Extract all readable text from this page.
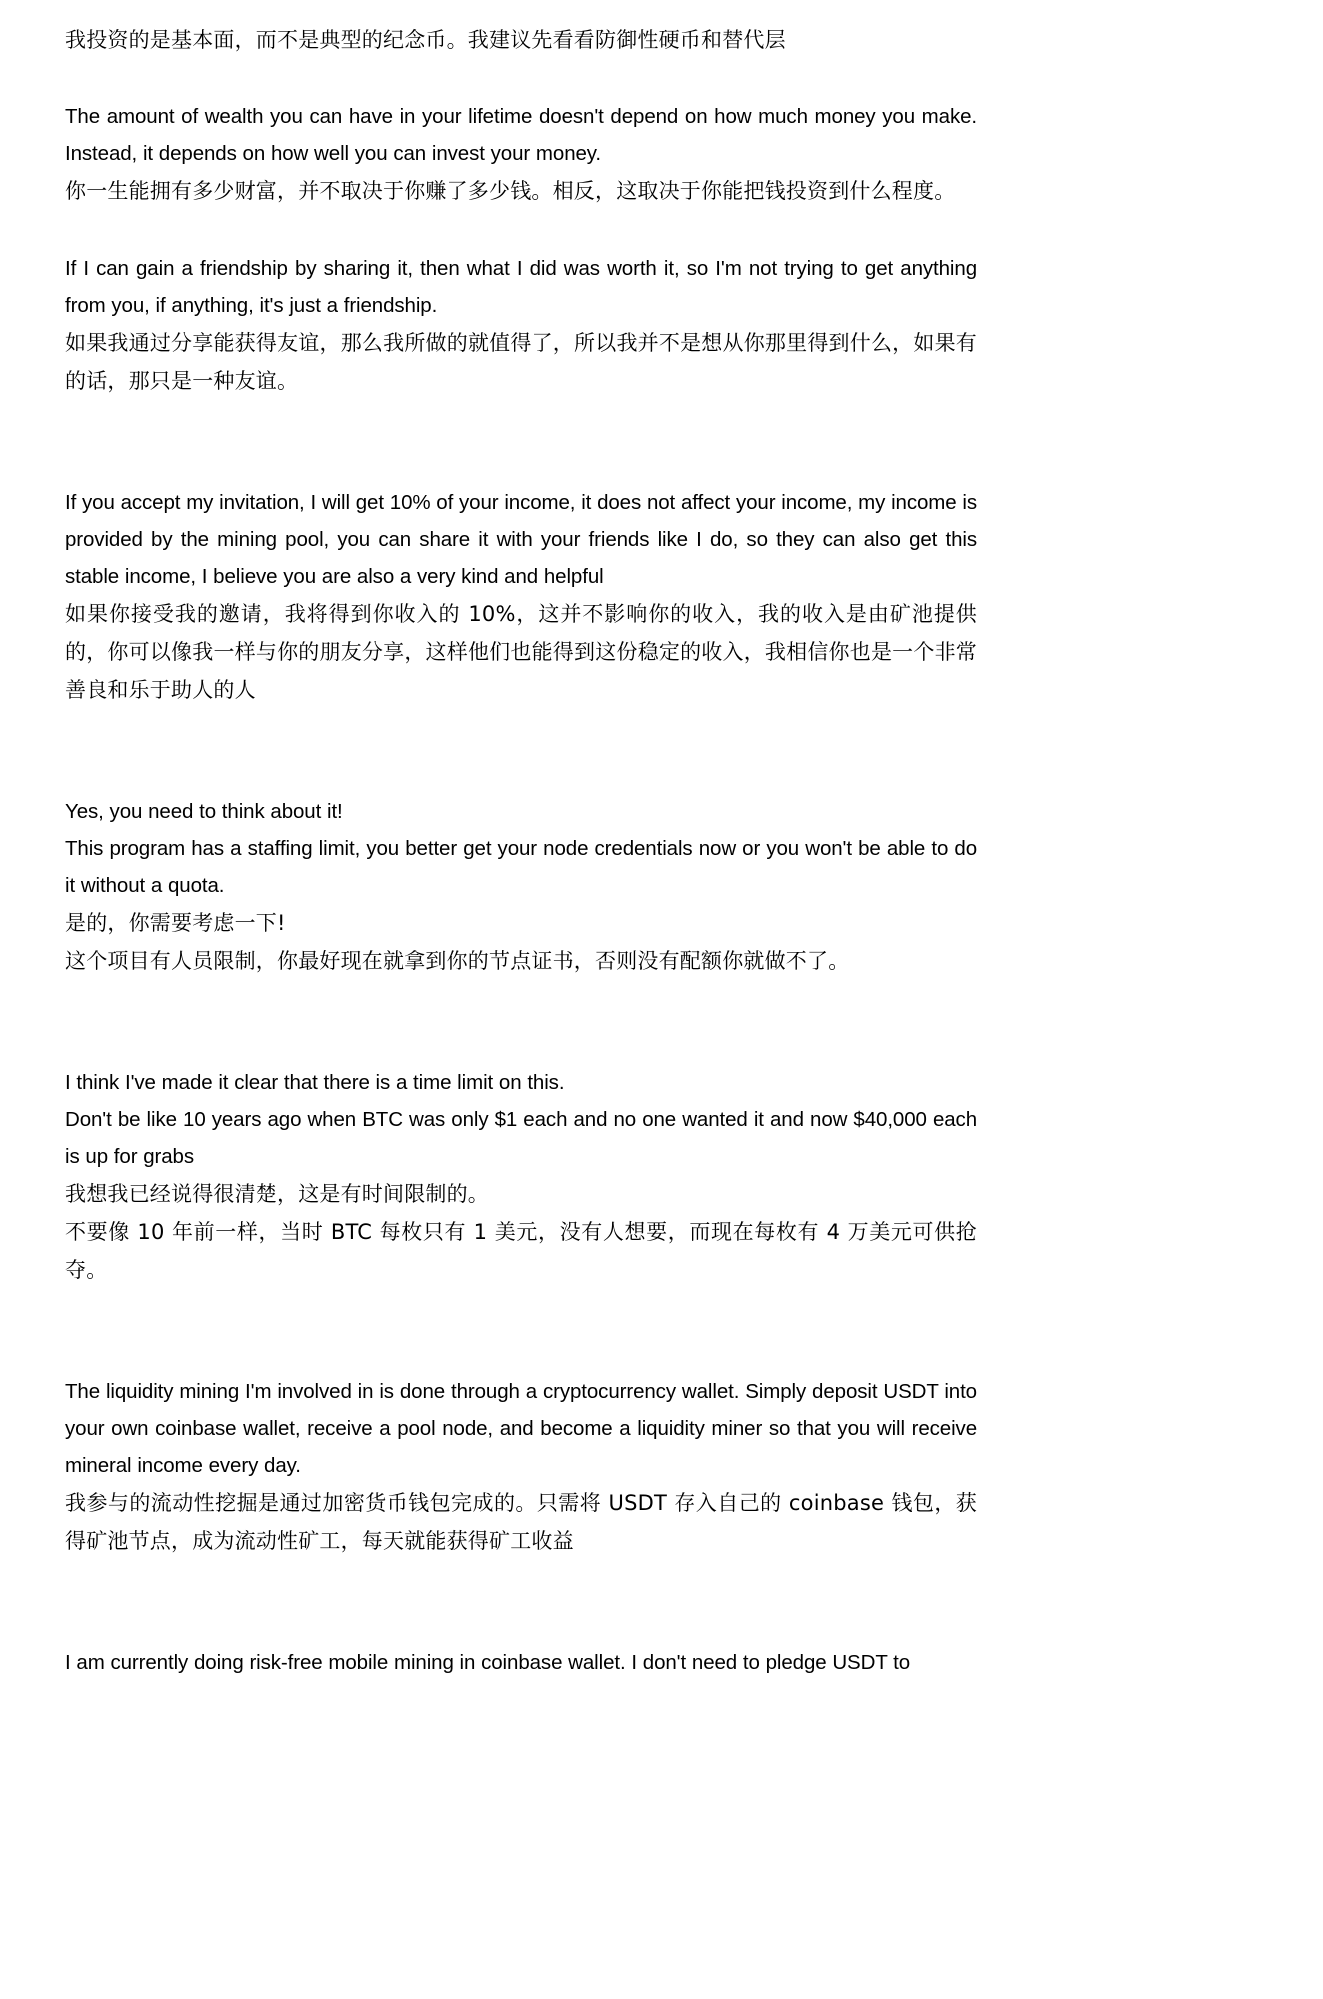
我投资的是基本面，而不是典型的纪念币。我建议先看看防御性硬币和替代层

The amount of wealth you can have in your lifetime doesn't depend on how much money you make. Instead, it depends on how well you can invest your money.

你一生能拥有多少财富，并不取决于你赚了多少钱。相反，这取决于你能把钱投资到什么程度。

If I can gain a friendship by sharing it, then what I did was worth it, so I'm not trying to get anything from you, if anything, it's just a friendship.

如果我通过分享能获得友谊，那么我所做的就值得了，所以我并不是想从你那里得到什么，如果有的话，那只是一种友谊。

If you accept my invitation, I will get 10% of your income, it does not affect your income, my income is provided by the mining pool, you can share it with your friends like I do, so they can also get this stable income, I believe you are also a very kind and helpful

如果你接受我的邀请，我将得到你收入的 10%，这并不影响你的收入，我的收入是由矿池提供的，你可以像我一样与你的朋友分享，这样他们也能得到这份稳定的收入，我相信你也是一个非常善良和乐于助人的人

Yes, you need to think about it!

This program has a staffing limit, you better get your node credentials now or you won't be able to do it without a quota.

是的，你需要考虑一下!

这个项目有人员限制，你最好现在就拿到你的节点证书，否则没有配额你就做不了。

I think I've made it clear that there is a time limit on this.

Don't be like 10 years ago when BTC was only $1 each and no one wanted it and now $40,000 each is up for grabs

我想我已经说得很清楚，这是有时间限制的。

不要像 10 年前一样，当时 BTC 每枚只有 1 美元，没有人想要，而现在每枚有 4 万美元可供抢夺。

The liquidity mining I'm involved in is done through a cryptocurrency wallet. Simply deposit USDT into your own coinbase wallet, receive a pool node, and become a liquidity miner so that you will receive mineral income every day.

我参与的流动性挖掘是通过加密货币钱包完成的。只需将 USDT 存入自己的 coinbase 钱包，获得矿池节点，成为流动性矿工，每天就能获得矿工收益

I am currently doing risk-free mobile mining in coinbase wallet. I don't need to pledge USDT to
